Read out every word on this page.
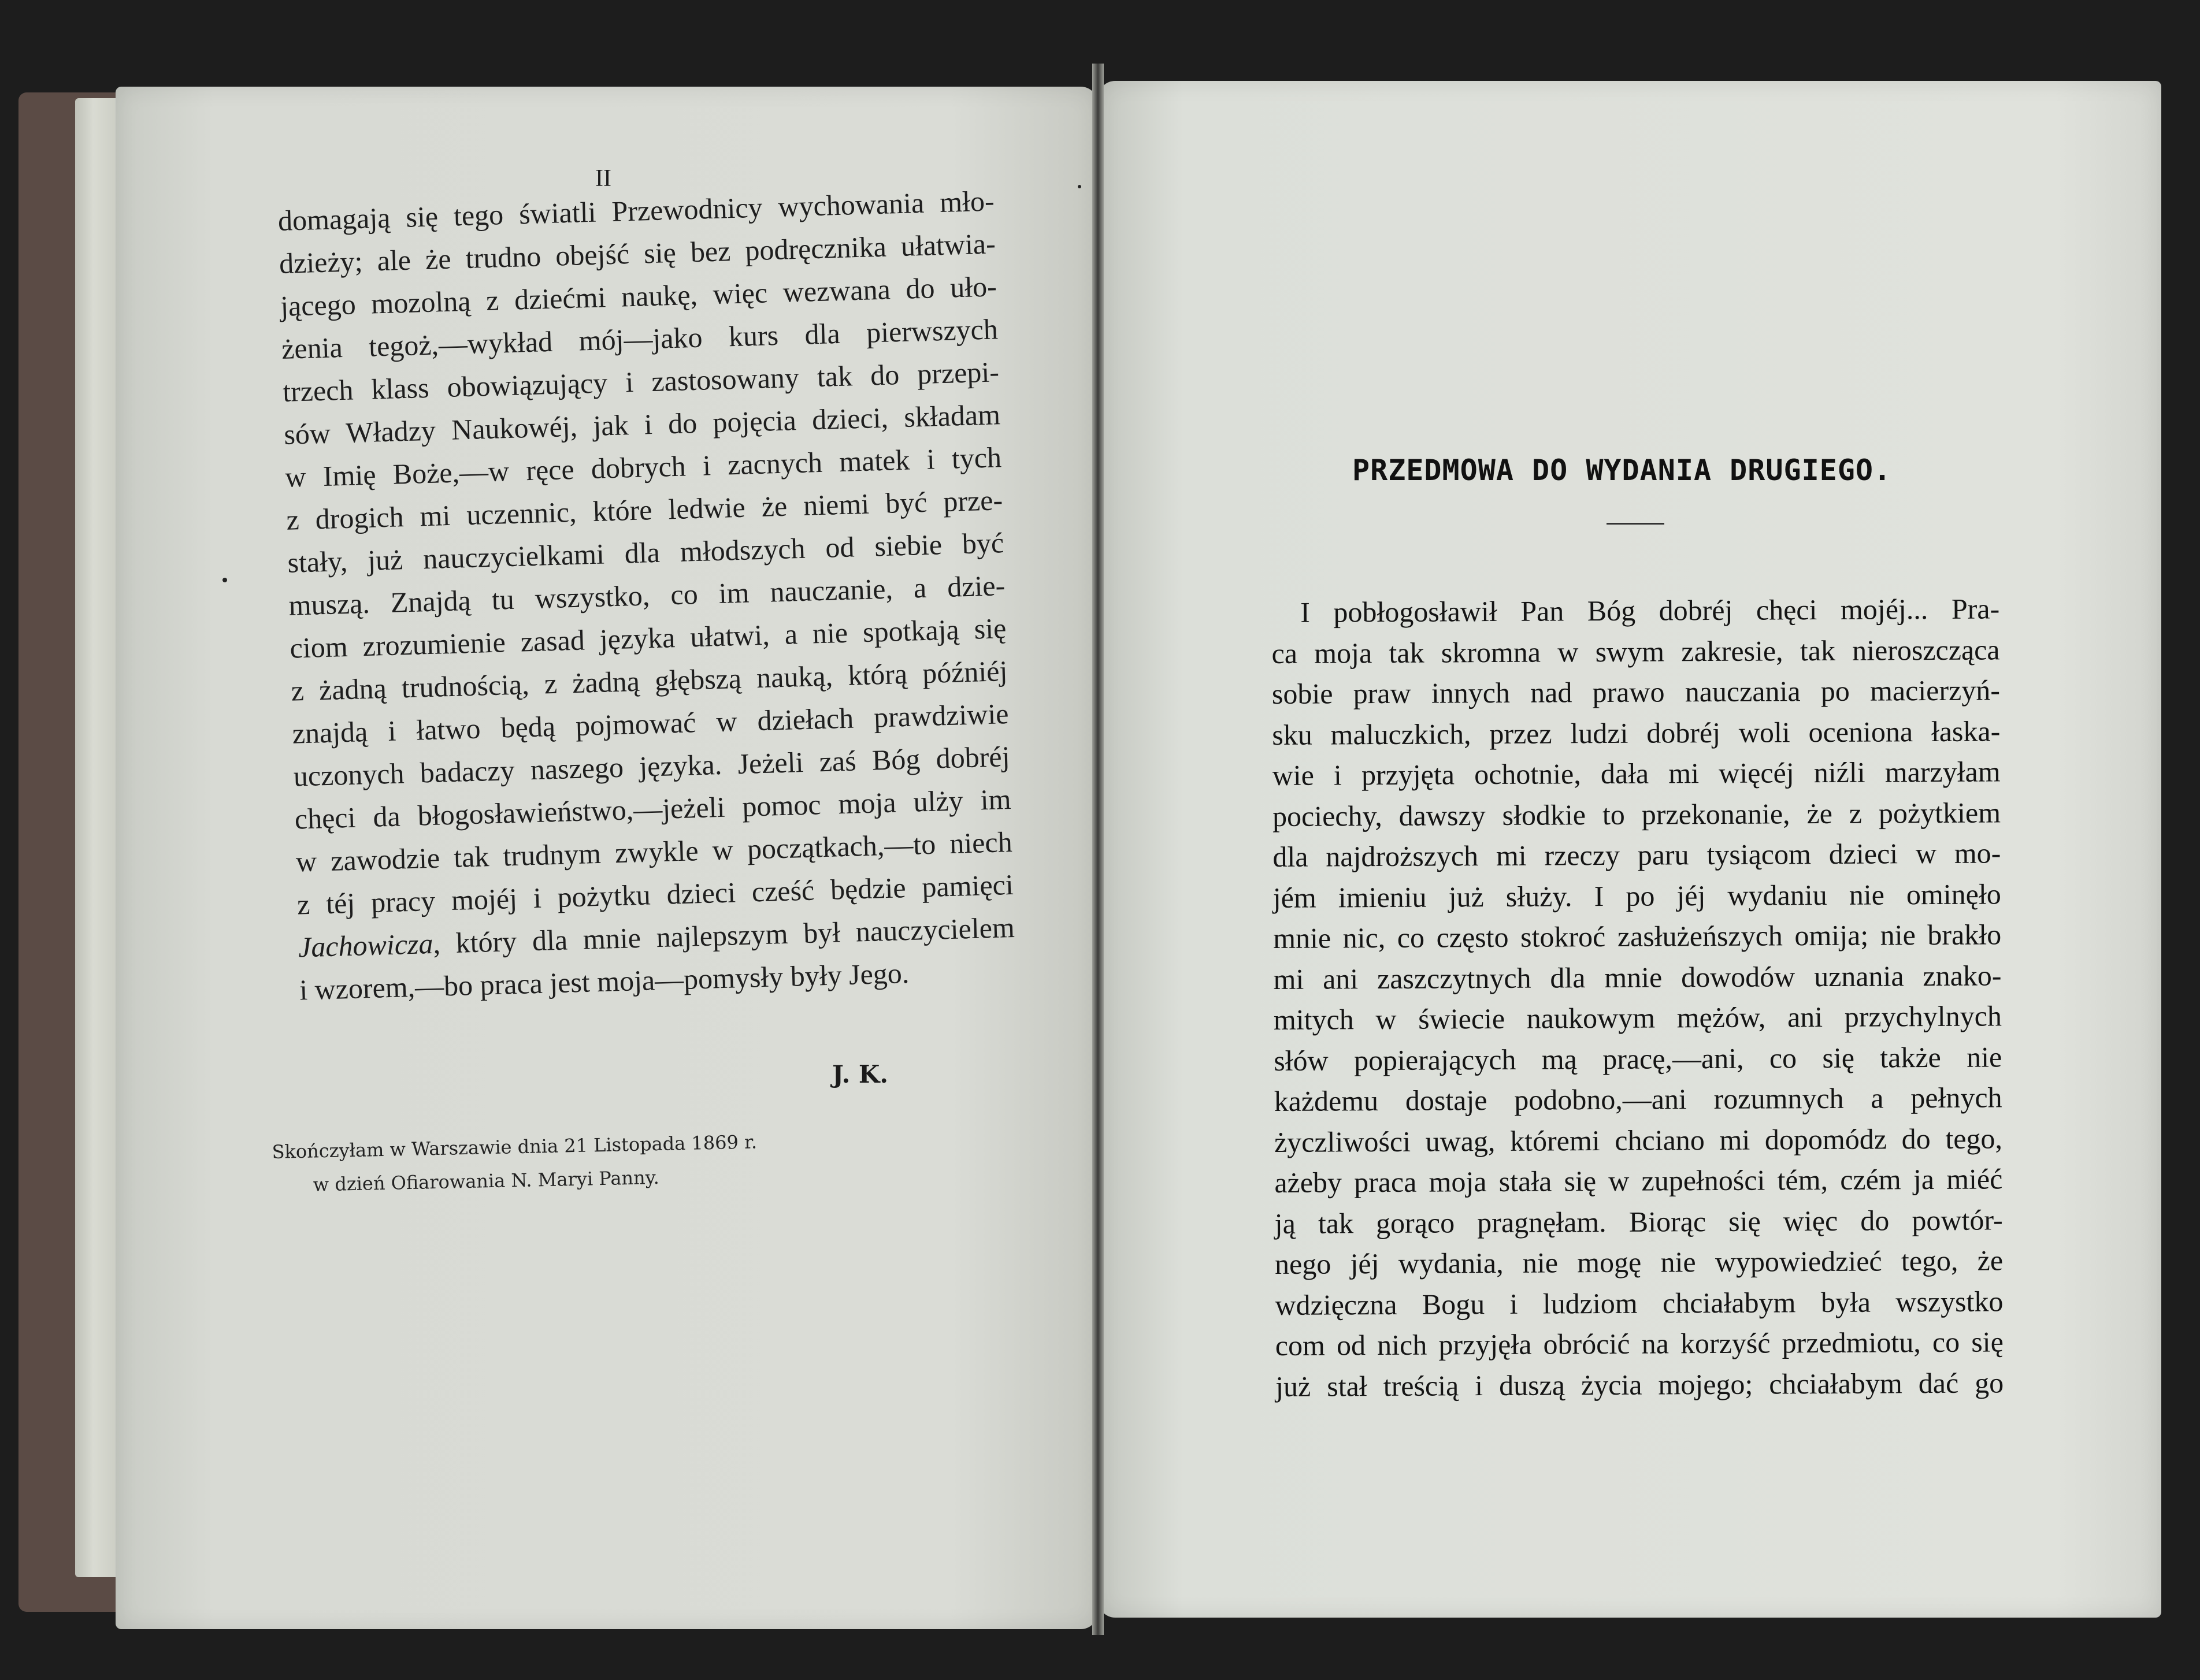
II
domagają się tego światli Przewodnicy wychowania mło-
dzieży; ale że trudno obejść się bez podręcznika ułatwia-
jącego mozolną z dziećmi naukę, więc wezwana do uło-
żenia tegoż,—wykład mój—jako kurs dla pierwszych
trzech klass obowiązujący i zastosowany tak do przepi-
sów Władzy Naukowéj, jak i do pojęcia dzieci, składam
w Imię Boże,—w ręce dobrych i zacnych matek i tych
z drogich mi uczennic, które ledwie że niemi być prze-
stały, już nauczycielkami dla młodszych od siebie być
muszą. Znajdą tu wszystko, co im nauczanie, a dzie-
ciom zrozumienie zasad języka ułatwi, a nie spotkają się
z żadną trudnością, z żadną głębszą nauką, którą późniéj
znajdą i łatwo będą pojmować w dziełach prawdziwie
uczonych badaczy naszego języka. Jeżeli zaś Bóg dobréj
chęci da błogosławieństwo,—jeżeli pomoc moja ulży im
w zawodzie tak trudnym zwykle w początkach,—to niech
z téj pracy mojéj i pożytku dzieci cześć będzie pamięci
Jachowicza, który dla mnie najlepszym był nauczycielem
i wzorem,—bo praca jest moja—pomysły były Jego.
J. K.
Skończyłam w Warszawie dnia 21 Listopada 1869 r.
w dzień Ofiarowania N. Maryi Panny.
PRZEDMOWA DO WYDANIA DRUGIEGO.
I pobłogosławił Pan Bóg dobréj chęci mojéj... Pra-
ca moja tak skromna w swym zakresie, tak nieroszcząca
sobie praw innych nad prawo nauczania po macierzyń-
sku maluczkich, przez ludzi dobréj woli oceniona łaska-
wie i przyjęta ochotnie, dała mi więcéj niźli marzyłam
pociechy, dawszy słodkie to przekonanie, że z pożytkiem
dla najdroższych mi rzeczy paru tysiącom dzieci w mo-
jém imieniu już służy. I po jéj wydaniu nie ominęło
mnie nic, co często stokroć zasłużeńszych omija; nie brakło
mi ani zaszczytnych dla mnie dowodów uznania znako-
mitych w świecie naukowym mężów, ani przychylnych
słów popierających mą pracę,—ani, co się także nie
każdemu dostaje podobno,—ani rozumnych a pełnych
życzliwości uwag, któremi chciano mi dopomódz do tego,
ażeby praca moja stała się w zupełności tém, czém ja miéć
ją tak gorąco pragnęłam. Biorąc się więc do powtór-
nego jéj wydania, nie mogę nie wypowiedzieć tego, że
wdzięczna Bogu i ludziom chciałabym była wszystko
com od nich przyjęła obrócić na korzyść przedmiotu, co się
już stał treścią i duszą życia mojego; chciałabym dać go
